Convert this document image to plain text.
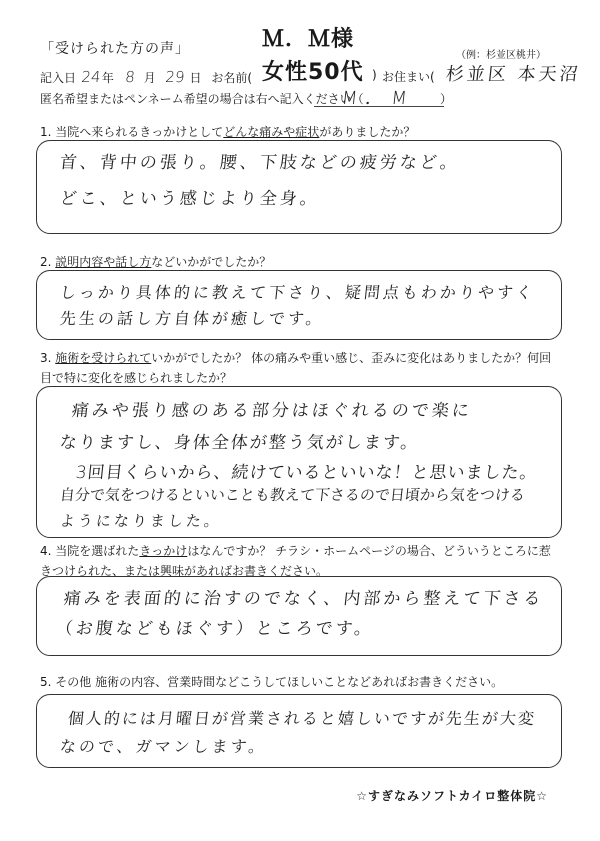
「受けられた方の声」	Ｍ．Ｍ様
女性50代
（例：杉並区桃井）
記入日 24年 8 月 29 日 お名前(	) お住まい( 杉並区 本天沼
匿名希望またはペンネーム希望の場合は右へ記入ください（
M．M ）
1. 当院へ来られるきっかけとしてどんな痛みや症状がありましたか？
首、背中の張り。腰、下肢などの疲労など。
どこ、という感じより全身。
2. 説明内容や話し方などいかがでしたか？
しっかり具体的に教えて下さり、疑問点もわかりやすく
先生の話し方自体が癒しです。
3. 施術を受けられていかがでしたか？ 体の痛みや重い感じ、歪みに変化はありましたか？何回目で特に変化を感じられましたか？
痛みや張り感のある部分はほぐれるので楽に
なりますし、身体全体が整う気がします。
3回目くらいから、続けているといいな！と思いました。
自分で気をつけるといいことも教えて下さるので日頃から気をつける
ようになりました。
4. 当院を選ばれたきっかけはなんですか？ チラシ・ホームページの場合、どういうところに惹きつけられた、または興味があればお書きください。
痛みを表面的に治すのでなく、内部から整えて下さる
（お腹などもほぐす）ところです。
5. その他 施術の内容、営業時間などこうしてほしいことなどあればお書きください。
個人的には月曜日が営業されると嬉しいですが先生が大変
なので、ガマンします。
☆すぎなみソフトカイロ整体院☆
